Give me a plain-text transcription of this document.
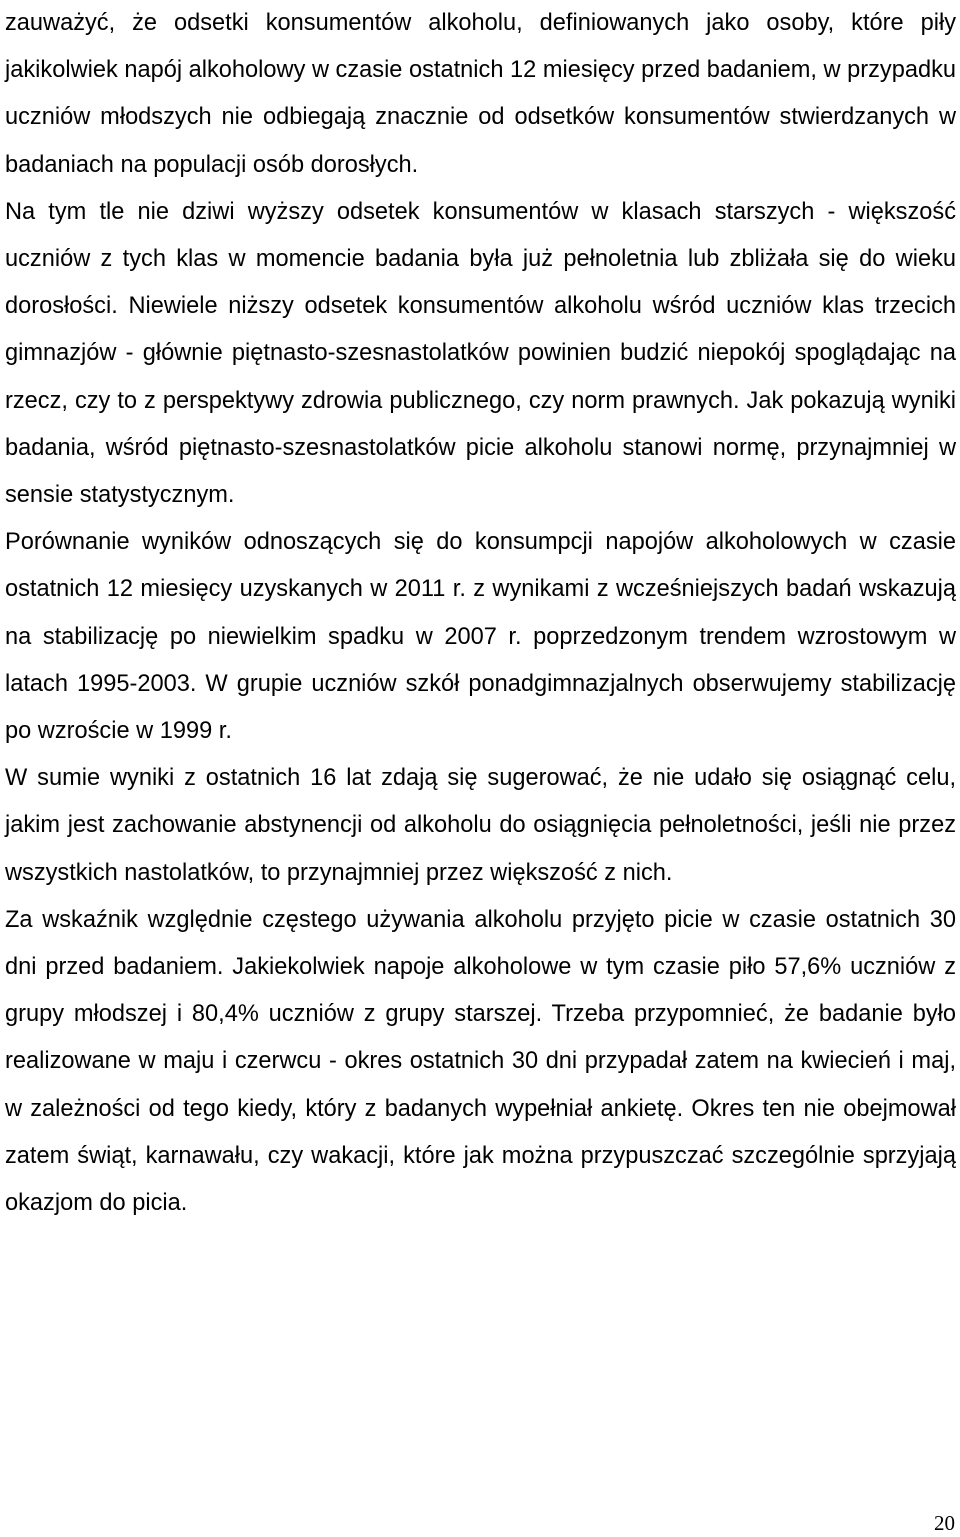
zauważyć, że odsetki konsumentów alkoholu, definiowanych jako osoby, które piły jakikolwiek napój alkoholowy w czasie ostatnich 12 miesięcy przed badaniem, w przypadku uczniów młodszych nie odbiegają znacznie od odsetków konsumentów stwierdzanych w badaniach na populacji osób dorosłych.

Na tym tle nie dziwi wyższy odsetek konsumentów w klasach starszych - większość uczniów z tych klas w momencie badania była już pełnoletnia lub zbliżała się do wieku dorosłości. Niewiele niższy odsetek konsumentów alkoholu wśród uczniów klas trzecich gimnazjów - głównie piętnasto-szesnastolatków powinien budzić niepokój spoglądając na rzecz, czy to z perspektywy zdrowia publicznego, czy norm prawnych. Jak pokazują wyniki badania, wśród piętnasto-szesnastolatków picie alkoholu stanowi normę, przynajmniej w sensie statystycznym.

Porównanie wyników odnoszących się do konsumpcji napojów alkoholowych w czasie ostatnich 12 miesięcy uzyskanych w 2011 r. z wynikami z wcześniejszych badań wskazują na stabilizację po niewielkim spadku w 2007 r. poprzedzonym trendem wzrostowym w latach 1995-2003. W grupie uczniów szkół ponadgimnazjalnych obserwujemy stabilizację po wzroście w 1999 r.

W sumie wyniki z ostatnich 16 lat zdają się sugerować, że nie udało się osiągnąć celu, jakim jest zachowanie abstynencji od alkoholu do osiągnięcia pełnoletności, jeśli nie przez wszystkich nastolatków, to przynajmniej przez większość z nich.

Za wskaźnik względnie częstego używania alkoholu przyjęto picie w czasie ostatnich 30 dni przed badaniem. Jakiekolwiek napoje alkoholowe w tym czasie piło 57,6% uczniów z grupy młodszej i 80,4% uczniów z grupy starszej. Trzeba przypomnieć, że badanie było realizowane w maju i czerwcu - okres ostatnich 30 dni przypadał zatem na kwiecień i maj, w zależności od tego kiedy, który z badanych wypełniał ankietę. Okres ten nie obejmował zatem świąt, karnawału, czy wakacji, które jak można przypuszczać szczególnie sprzyjają okazjom do picia.

20
